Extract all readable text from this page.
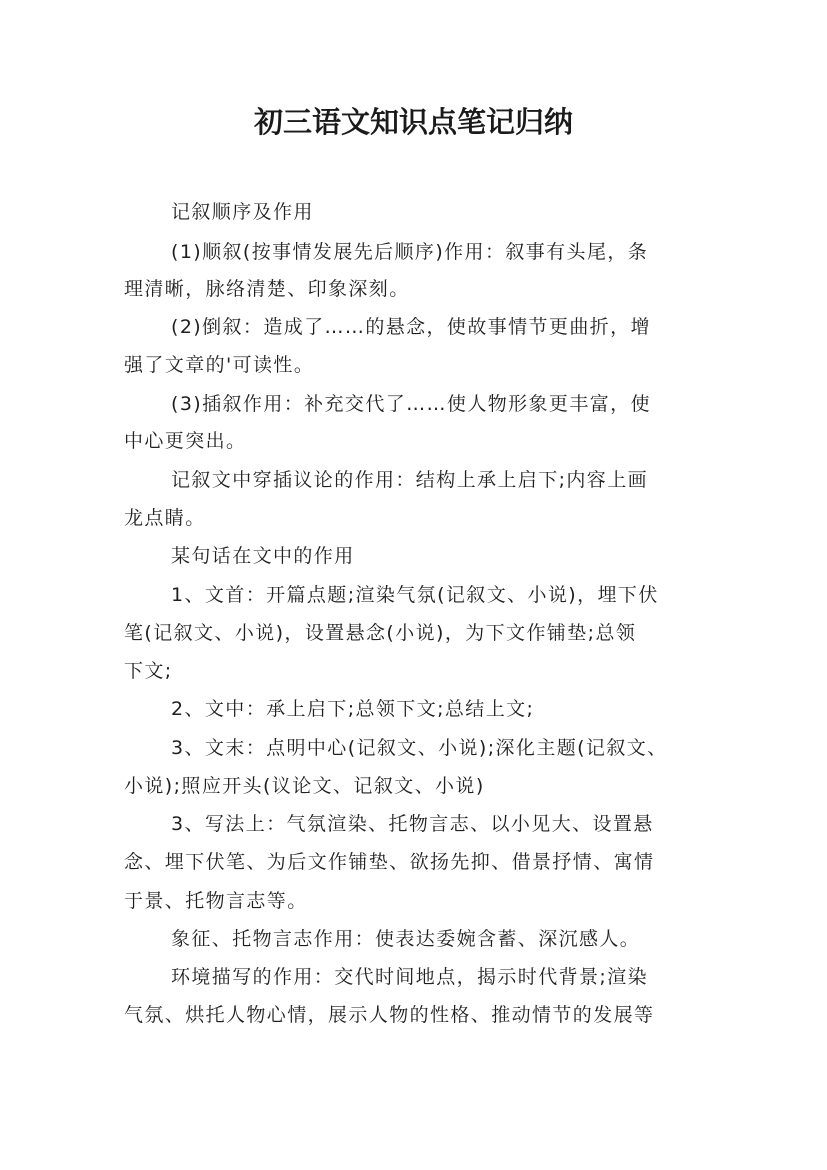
初三语文知识点笔记归纳

记叙顺序及作用

(1)顺叙(按事情发展先后顺序)作用：叙事有头尾，条

理清晰，脉络清楚、印象深刻。

(2)倒叙：造成了……的悬念，使故事情节更曲折，增

强了文章的'可读性。

(3)插叙作用：补充交代了……使人物形象更丰富，使

中心更突出。

记叙文中穿插议论的作用：结构上承上启下;内容上画

龙点睛。

某句话在文中的作用

1、文首：开篇点题;渲染气氛(记叙文、小说)，埋下伏

笔(记叙文、小说)，设置悬念(小说)，为下文作铺垫;总领

下文;

2、文中：承上启下;总领下文;总结上文;

3、文末：点明中心(记叙文、小说);深化主题(记叙文、

小说);照应开头(议论文、记叙文、小说)

3、写法上：气氛渲染、托物言志、以小见大、设置悬

念、埋下伏笔、为后文作铺垫、欲扬先抑、借景抒情、寓情

于景、托物言志等。

象征、托物言志作用：使表达委婉含蓄、深沉感人。

环境描写的作用：交代时间地点，揭示时代背景;渲染

气氛、烘托人物心情，展示人物的性格、推动情节的发展等
